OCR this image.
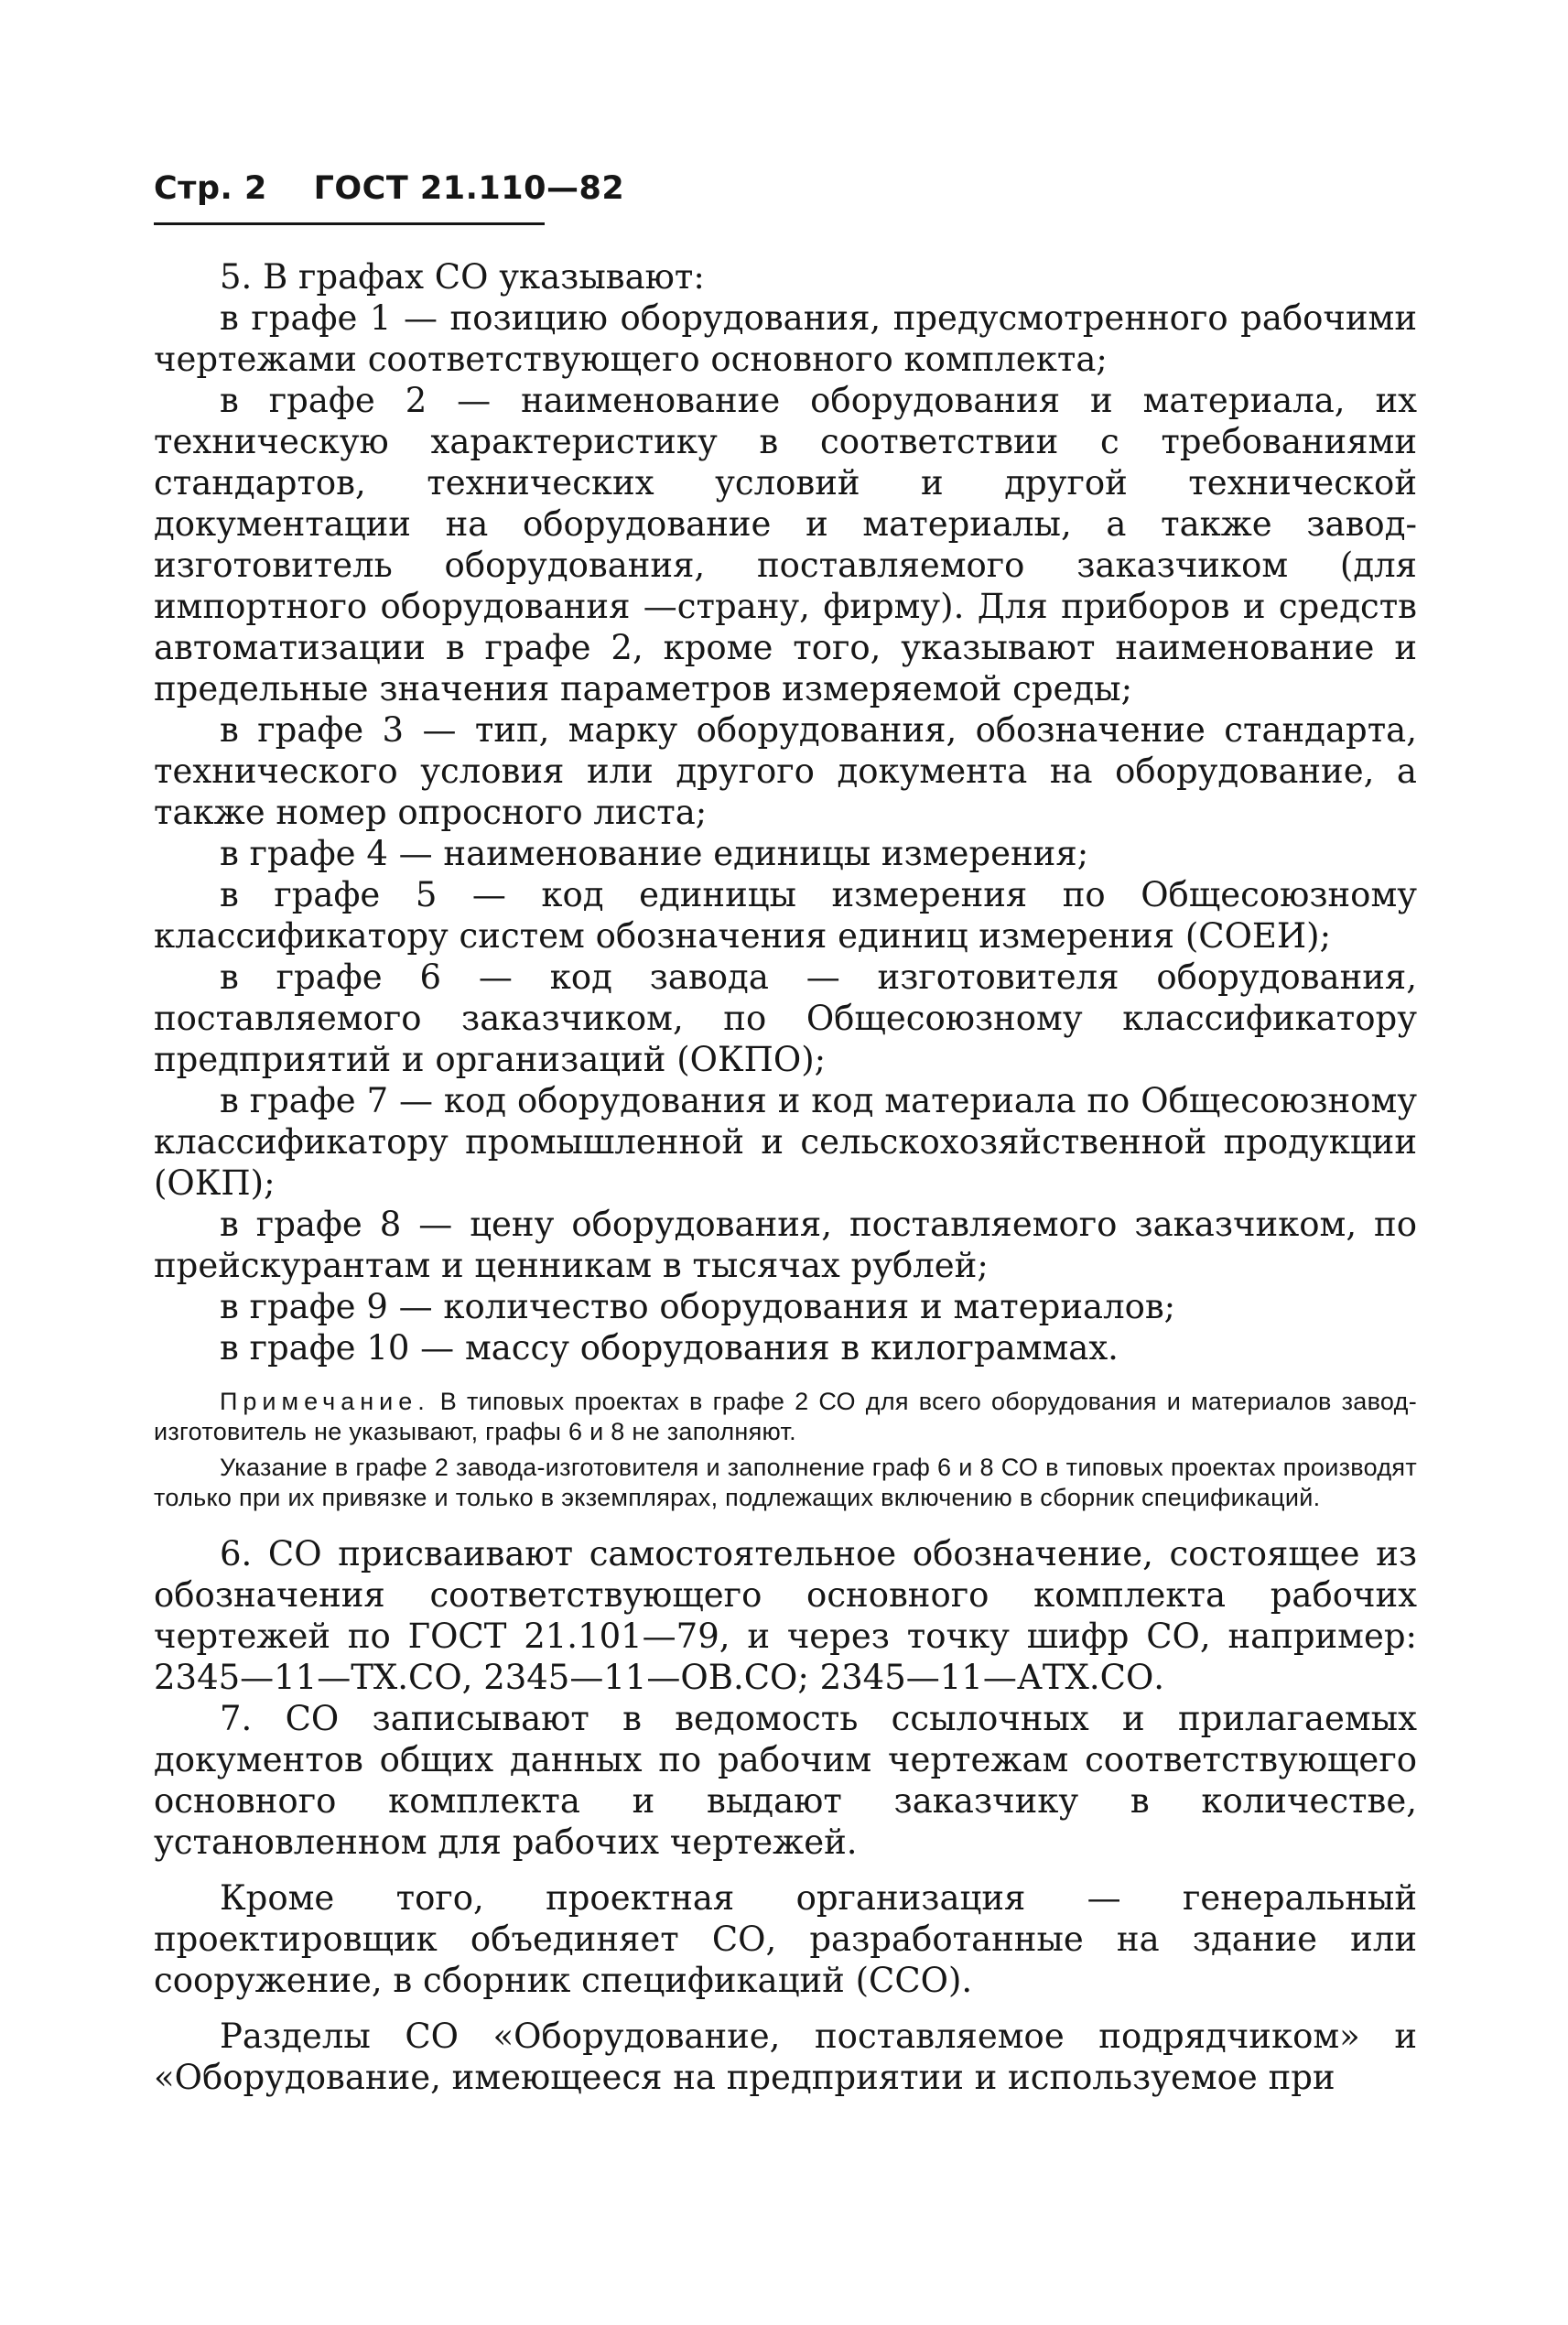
Стр. 2 ГОСТ 21.110—82

5. В графах СО указывают:

в графе 1 — позицию оборудования, предусмотренного рабочими чертежами соответствующего основного комплекта;

в графе 2 — наименование оборудования и материала, их техническую характеристику в соответствии с требованиями стандартов, технических условий и другой технической документации на оборудование и материалы, а также завод-изготовитель оборудования, поставляемого заказчиком (для импортного оборудования —страну, фирму). Для приборов и средств автоматизации в графе 2, кроме того, указывают наименование и предельные значения параметров измеряемой среды;

в графе 3 — тип, марку оборудования, обозначение стандарта, технического условия или другого документа на оборудование, а также номер опросного листа;

в графе 4 — наименование единицы измерения;

в графе 5 — код единицы измерения по Общесоюзному классификатору систем обозначения единиц измерения (СОЕИ);

в графе 6 — код завода — изготовителя оборудования, поставляемого заказчиком, по Общесоюзному классификатору предприятий и организаций (ОКПО);

в графе 7 — код оборудования и код материала по Общесоюзному классификатору промышленной и сельскохозяйственной продукции (ОКП);

в графе 8 — цену оборудования, поставляемого заказчиком, по прейскурантам и ценникам в тысячах рублей;

в графе 9 — количество оборудования и материалов;

в графе 10 — массу оборудования в килограммах.

Примечание. В типовых проектах в графе 2 СО для всего оборудования и материалов завод-изготовитель не указывают, графы 6 и 8 не заполняют.

Указание в графе 2 завода-изготовителя и заполнение граф 6 и 8 СО в типовых проектах производят только при их привязке и только в экземплярах, подлежащих включению в сборник спецификаций.

6. СО присваивают самостоятельное обозначение, состоящее из обозначения соответствующего основного комплекта рабочих чертежей по ГОСТ 21.101—79, и через точку шифр СО, например: 2345—11—ТХ.СО, 2345—11—ОВ.СО; 2345—11—АТХ.СО.

7. СО записывают в ведомость ссылочных и прилагаемых документов общих данных по рабочим чертежам соответствующего основного комплекта и выдают заказчику в количестве, установленном для рабочих чертежей.

Кроме того, проектная организация — генеральный проектировщик объединяет СО, разработанные на здание или сооружение, в сборник спецификаций (ССО).

Разделы СО «Оборудование, поставляемое подрядчиком» и «Оборудование, имеющееся на предприятии и используемое при
